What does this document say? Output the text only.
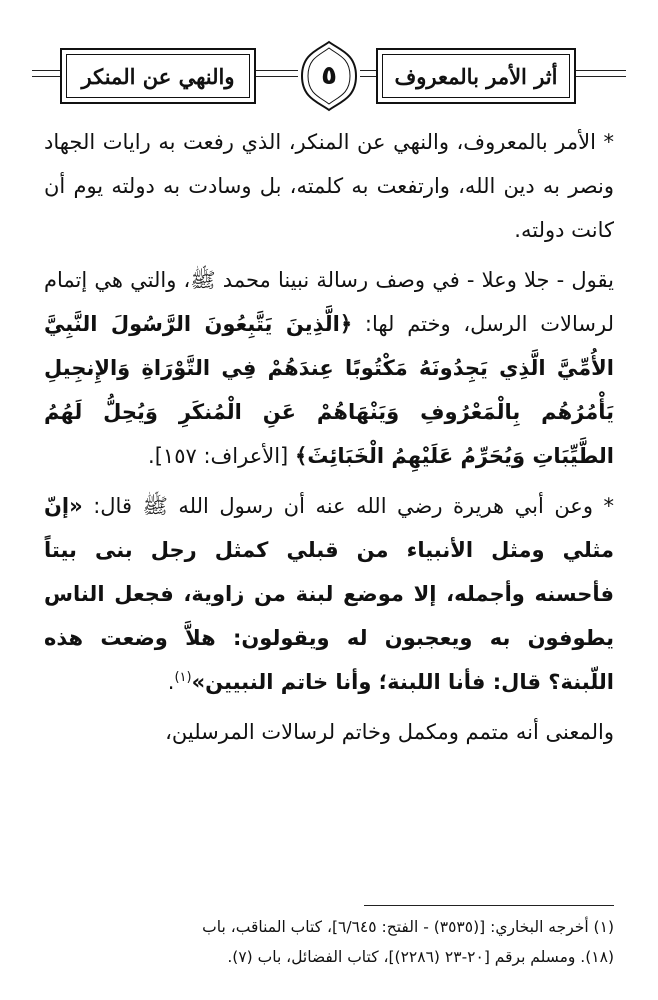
أثر الأمر بالمعروف
٥
والنهي عن المنكر

* الأمر بالمعروف، والنهي عن المنكر، الذي رفعت به رايات الجهاد ونصر به دين الله، وارتفعت به كلمته، بل وسادت به دولته يوم أن كانت دولته.

يقول - جلا وعلا - في وصف رسالة نبينا محمد ﷺ، والتي هي إتمام لرسالات الرسل، وختم لها: ﴿الَّذِينَ يَتَّبِعُونَ الرَّسُولَ النَّبِيَّ الأُمِّيَّ الَّذِي يَجِدُونَهُ مَكْتُوبًا عِندَهُمْ فِي التَّوْرَاةِ وَالإِنجِيلِ يَأْمُرُهُم بِالْمَعْرُوفِ وَيَنْهَاهُمْ عَنِ الْمُنكَرِ وَيُحِلُّ لَهُمُ الطَّيِّبَاتِ وَيُحَرِّمُ عَلَيْهِمُ الْخَبَائِثَ﴾ [الأعراف: ١٥٧].

* وعن أبي هريرة رضي الله عنه أن رسول الله ﷺ قال: «إنّ مثلي ومثل الأنبياء من قبلي كمثل رجل بنى بيتاً فأحسنه وأجمله، إلا موضع لبنة من زاوية، فجعل الناس يطوفون به ويعجبون له ويقولون: هلاَّ وضعت هذه اللّبنة؟ قال: فأنا اللبنة؛ وأنا خاتم النبيين»$^{(١)}$.

والمعنى أنه متمم ومكمل وخاتم لرسالات المرسلين،

(١) أخرجه البخاري: [(٣٥٣٥) - الفتح: ٦/٦٤٥]، كتاب المناقب، باب

(١٨). ومسلم برقم [٢٠-٢٣ (٢٢٨٦)]، كتاب الفضائل، باب (٧).
